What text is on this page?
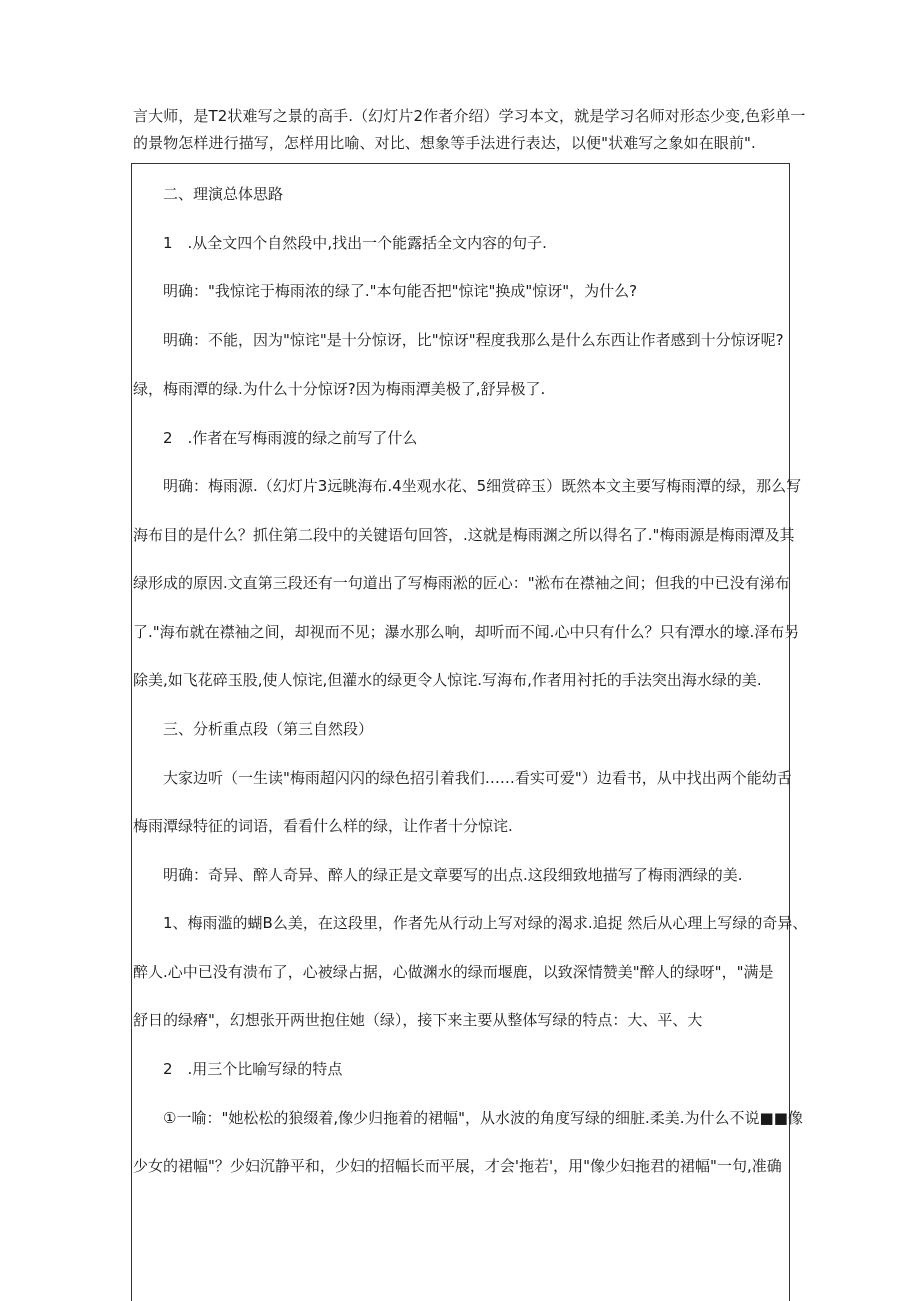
言大师，是T2状难写之景的高手.（幻灯片2作者介绍）学习本文，就是学习名师对形态少变,色彩单一
的景物怎样进行描写，怎样用比喻、对比、想象等手法进行表达，以便"状难写之象如在眼前".
二、理演总体思路
1　.从全文四个自然段中,找出一个能露括全文内容的句子.
明确："我惊诧于梅雨浓的绿了."本句能否把"惊诧"换成"惊讶"，为什么?
明确：不能，因为"惊诧"是十分惊讶，比"惊讶"程度我那么是什么东西让作者感到十分惊讶呢?
绿，梅雨潭的绿.为什么十分惊讶?因为梅雨潭美极了,舒异极了.
2　.作者在写梅雨渡的绿之前写了什么
明确：梅雨源.（幻灯片3远眺海布.4坐观水花、5细赏碎玉）既然本文主要写梅雨潭的绿，那么写
海布目的是什么？抓住第二段中的关键语句回答，.这就是梅雨渊之所以得名了."梅雨源是梅雨潭及其
绿形成的原因.文直第三段还有一句道出了写梅雨淞的匠心："淞布在襟袖之间；但我的中已没有涕布
了."海布就在襟袖之间，却视而不见；瀑水那么响，却听而不闻.心中只有什么？只有潭水的壕.泽布另
除美,如飞花碎玉股,使人惊诧,但灌水的绿更令人惊诧.写海布,作者用衬托的手法突出海水绿的美.
三、分析重点段（第三自然段）
大家边听（一生读"梅雨超闪闪的绿色招引着我们……看实可爱"）边看书，从中找出两个能幼舌
梅雨潭绿特征的词语，看看什么样的绿，让作者十分惊诧.
明确：奇异、醉人奇异、醉人的绿正是文章要写的出点.这段细致地描写了梅雨洒绿的美.
1、梅雨滥的蝴B么美，在这段里，作者先从行动上写对绿的渴求.追捉 然后从心理上写绿的奇异、
醉人.心中已没有溃布了，心被绿占据，心做渊水的绿而堰鹿，以致深情赞美"醉人的绿呀"，"满是
舒日的绿瘠"，幻想张开两世抱住她（绿），接下来主要从整体写绿的特点：大、平、大
2　.用三个比喻写绿的特点
①一喻："她松松的狼缀着,像少归拖着的裙幅"，从水波的角度写绿的细脏.柔美.为什么不说■■像
少女的裙幅"？少妇沉静平和，少妇的招幅长而平展，才会'拖若'，用"像少妇拖君的裙幅"一句,准确
